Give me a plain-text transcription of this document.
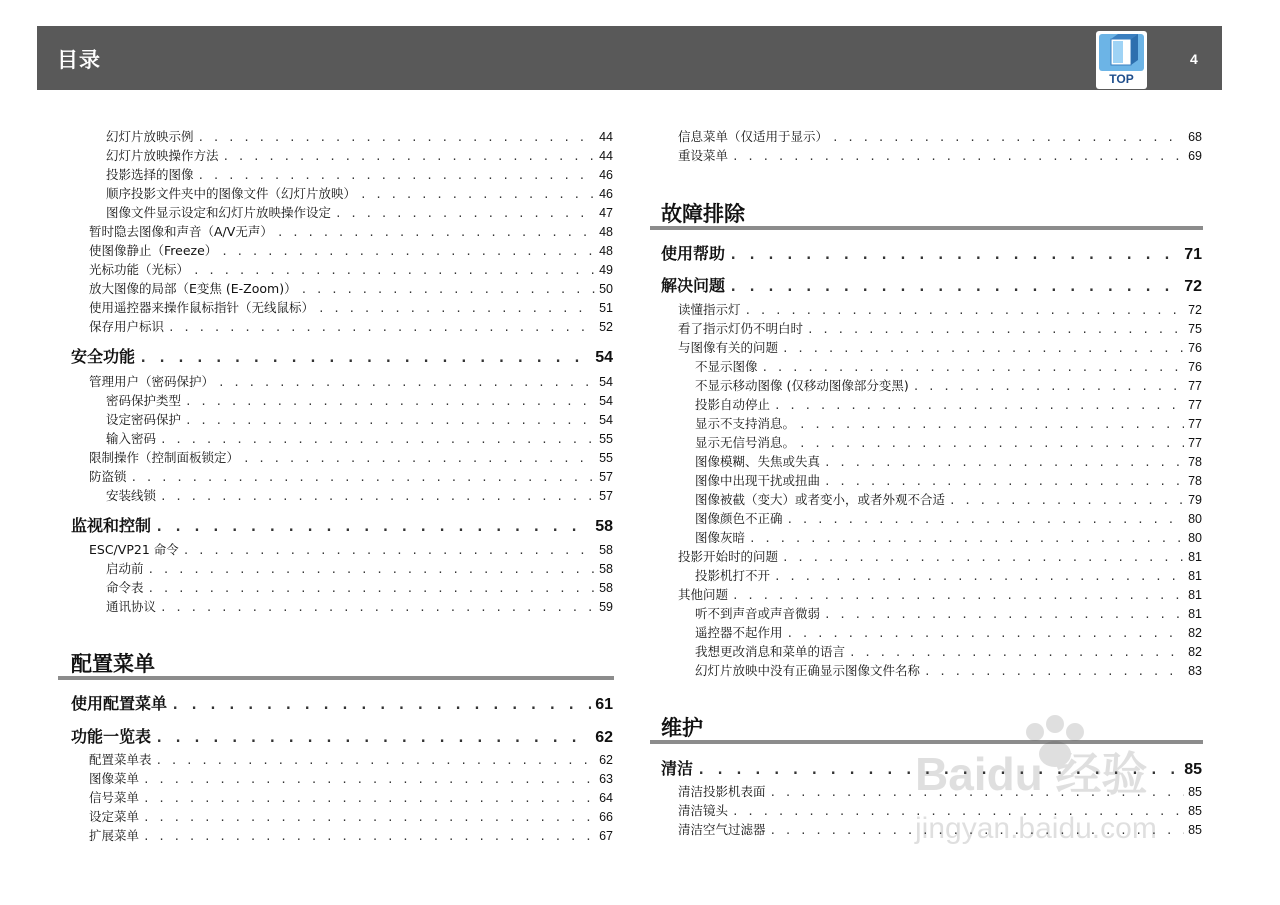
目录
TOP
4
幻灯片放映示例 . . .	44
幻灯片放映操作方法 . . .	44
投影选择的图像 . . .	46
顺序投影文件夹中的图像文件（幻灯片放映） . . .	46
图像文件显示设定和幻灯片放映操作设定 . . .	47
暂时隐去图像和声音（A/V无声） . . .	48
使图像静止（Freeze） . . .	48
光标功能（光标） . . .	49
放大图像的局部（E变焦 (E-Zoom)） . . .	50
使用遥控器来操作鼠标指针（无线鼠标） . . .	51
保存用户标识 . . .	52
安全功能 . . .	54
管理用户（密码保护） . . .	54
密码保护类型 . . .	54
设定密码保护 . . .	54
输入密码 . . .	55
限制操作（控制面板锁定） . . .	55
防盗锁 . . .	57
安装线锁 . . .	57
监视和控制 . . .	58
ESC/VP21 命令 . . .	58
启动前 . . .	58
命令表 . . .	58
通讯协议 . . .	59
使用配置菜单 . . .	61
功能一览表 . . .	62
配置菜单表 . . .	62
图像菜单 . . .	63
信号菜单 . . .	64
设定菜单 . . .	66
扩展菜单 . . .	67
信息菜单（仅适用于显示） . . .	68
重设菜单 . . .	69
使用帮助 . . .	71
解决问题 . . .	72
读懂指示灯 . . .	72
看了指示灯仍不明白时 . . .	75
与图像有关的问题 . . .	76
不显示图像 . . .	76
不显示移动图像 (仅移动图像部分变黑) . . .	77
投影自动停止 . . .	77
显示不支持消息。 . . .	77
显示无信号消息。 . . .	77
图像模糊、失焦或失真 . . .	78
图像中出现干扰或扭曲 . . .	78
图像被截（变大）或者变小，或者外观不合适 . . .	79
图像颜色不正确 . . .	80
图像灰暗 . . .	80
投影开始时的问题 . . .	81
投影机打不开 . . .	81
其他问题 . . .	81
听不到声音或声音微弱 . . .	81
遥控器不起作用 . . .	82
我想更改消息和菜单的语言 . . .	82
幻灯片放映中没有正确显示图像文件名称 . . .	83
清洁 . . .	85
清洁投影机表面 . . .	85
清洁镜头 . . .	85
清洁空气过滤器 . . .	85
配置菜单
故障排除
维护
Baidu 经验
jingyan.baidu.com
